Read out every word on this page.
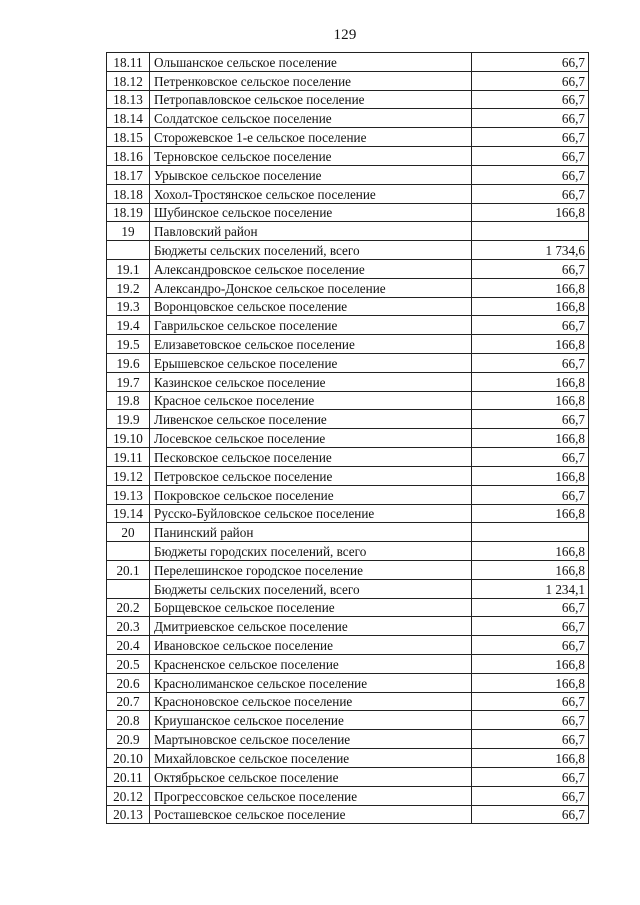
129
18.11	Ольшанское сельское поселение	66,7
18.12	Петренковское сельское поселение	66,7
18.13	Петропавловское сельское поселение	66,7
18.14	Солдатское сельское поселение	66,7
18.15	Сторожевское 1-е сельское поселение	66,7
18.16	Терновское сельское поселение	66,7
18.17	Урывское сельское поселение	66,7
18.18	Хохол-Тростянское сельское поселение	66,7
18.19	Шубинское сельское поселение	166,8
19	Павловский район	
	Бюджеты сельских поселений, всего	1 734,6
19.1	Александровское сельское поселение	66,7
19.2	Александро-Донское сельское поселение	166,8
19.3	Воронцовское сельское поселение	166,8
19.4	Гаврильское сельское поселение	66,7
19.5	Елизаветовское сельское поселение	166,8
19.6	Ерышевское сельское поселение	66,7
19.7	Казинское сельское поселение	166,8
19.8	Красное сельское поселение	166,8
19.9	Ливенское сельское поселение	66,7
19.10	Лосевское сельское поселение	166,8
19.11	Песковское сельское поселение	66,7
19.12	Петровское сельское поселение	166,8
19.13	Покровское сельское поселение	66,7
19.14	Русско-Буйловское сельское поселение	166,8
20	Панинский район	
	Бюджеты городских поселений, всего	166,8
20.1	Перелешинское городское поселение	166,8
	Бюджеты сельских поселений, всего	1 234,1
20.2	Борщевское сельское поселение	66,7
20.3	Дмитриевское сельское поселение	66,7
20.4	Ивановское сельское поселение	66,7
20.5	Красненское сельское поселение	166,8
20.6	Краснолиманское сельское поселение	166,8
20.7	Красноновское сельское поселение	66,7
20.8	Криушанское сельское поселение	66,7
20.9	Мартыновское сельское поселение	66,7
20.10	Михайловское сельское поселение	166,8
20.11	Октябрьское сельское поселение	66,7
20.12	Прогрессовское сельское поселение	66,7
20.13	Росташевское сельское поселение	66,7
